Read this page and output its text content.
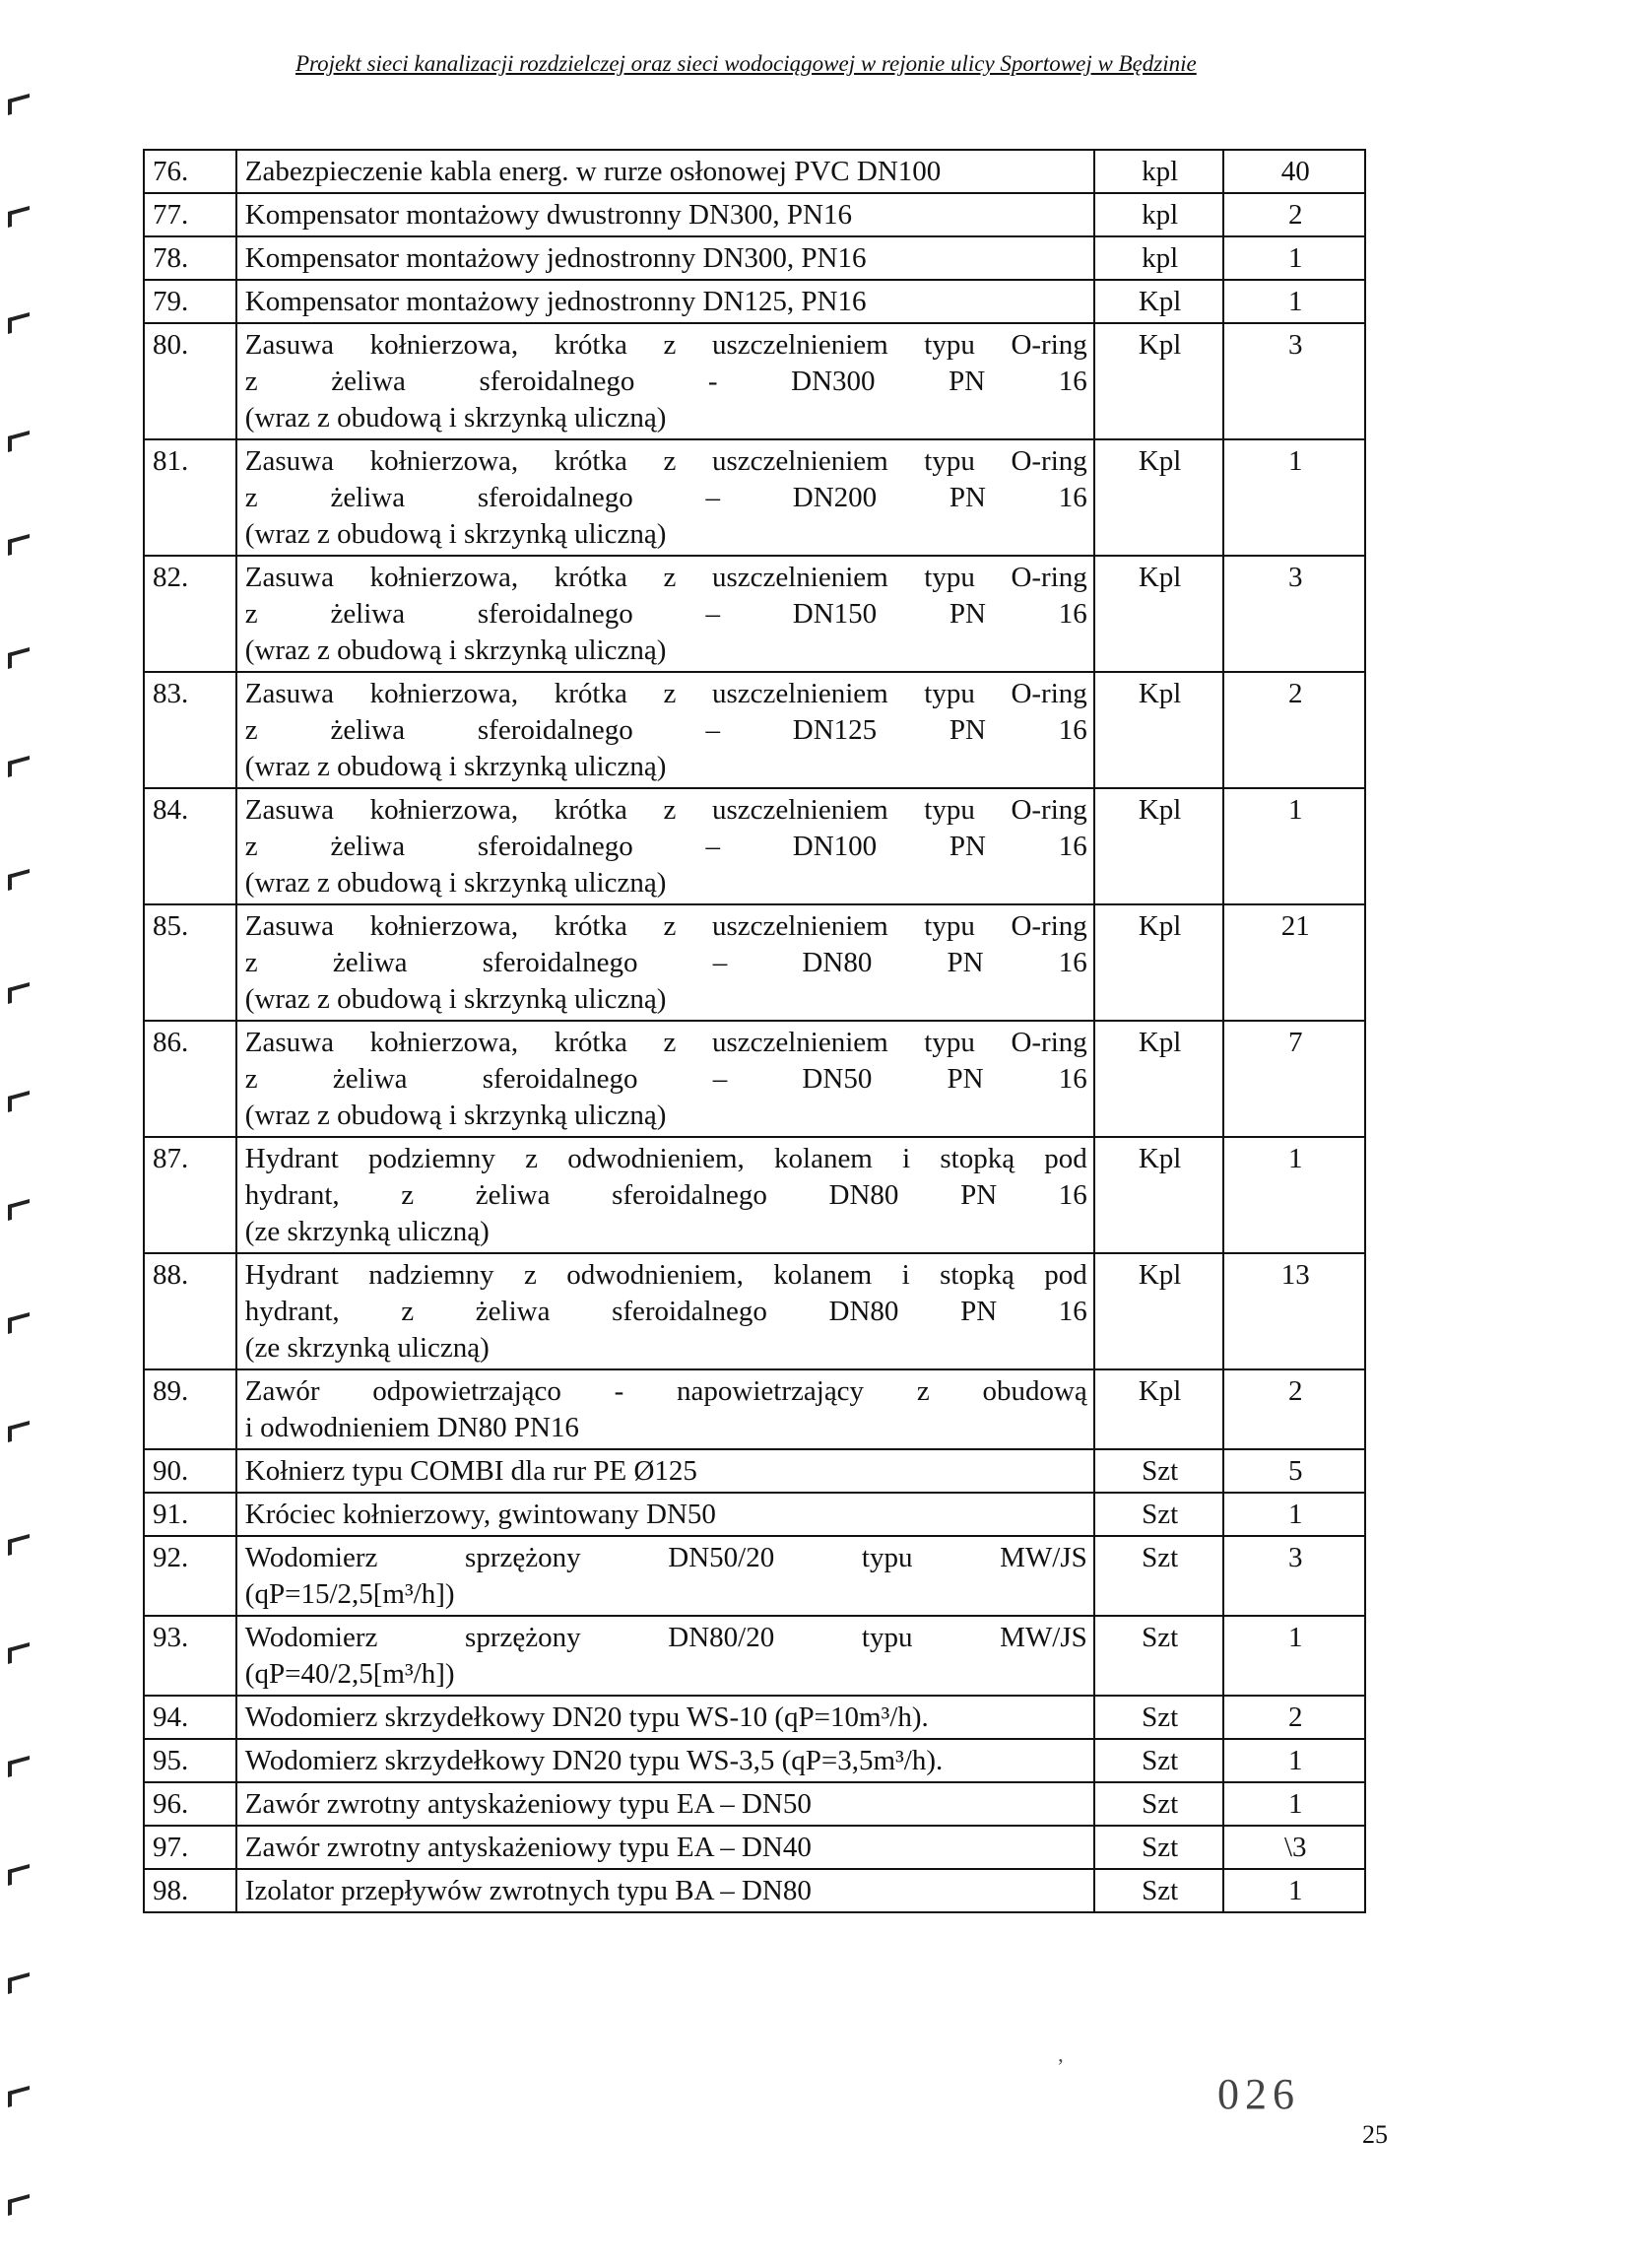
Projekt sieci kanalizacji rozdzielczej oraz sieci wodociągowej w rejonie ulicy Sportowej w Będzinie
76.	Zabezpieczenie kabla energ. w rurze osłonowej PVC DN100	kpl	40
77.	Kompensator montażowy dwustronny DN300, PN16	kpl	2
78.	Kompensator montażowy jednostronny DN300, PN16	kpl	1
79.	Kompensator montażowy jednostronny DN125, PN16	Kpl	1
80.	Zasuwa kołnierzowa, krótka z uszczelnieniem typu O-ring
z żeliwa sferoidalnego - DN300 PN 16
(wraz z obudową i skrzynką uliczną)	Kpl	3
81.	Zasuwa kołnierzowa, krótka z uszczelnieniem typu O-ring
z żeliwa sferoidalnego – DN200 PN 16
(wraz z obudową i skrzynką uliczną)	Kpl	1
82.	Zasuwa kołnierzowa, krótka z uszczelnieniem typu O-ring
z żeliwa sferoidalnego – DN150 PN 16
(wraz z obudową i skrzynką uliczną)	Kpl	3
83.	Zasuwa kołnierzowa, krótka z uszczelnieniem typu O-ring
z żeliwa sferoidalnego – DN125 PN 16
(wraz z obudową i skrzynką uliczną)	Kpl	2
84.	Zasuwa kołnierzowa, krótka z uszczelnieniem typu O-ring
z żeliwa sferoidalnego – DN100 PN 16
(wraz z obudową i skrzynką uliczną)	Kpl	1
85.	Zasuwa kołnierzowa, krótka z uszczelnieniem typu O-ring
z żeliwa sferoidalnego – DN80 PN 16
(wraz z obudową i skrzynką uliczną)	Kpl	21
86.	Zasuwa kołnierzowa, krótka z uszczelnieniem typu O-ring
z żeliwa sferoidalnego – DN50 PN 16
(wraz z obudową i skrzynką uliczną)	Kpl	7
87.	Hydrant podziemny z odwodnieniem, kolanem i stopką pod
hydrant, z żeliwa sferoidalnego DN80 PN 16
(ze skrzynką uliczną)	Kpl	1
88.	Hydrant nadziemny z odwodnieniem, kolanem i stopką pod
hydrant, z żeliwa sferoidalnego DN80 PN 16
(ze skrzynką uliczną)	Kpl	13
89.	Zawór odpowietrzająco - napowietrzający z obudową
i odwodnieniem DN80 PN16	Kpl	2
90.	Kołnierz typu COMBI dla rur PE Ø125	Szt	5
91.	Króciec kołnierzowy, gwintowany DN50	Szt	1
92.	Wodomierz sprzężony DN50/20 typu MW/JS
(qP=15/2,5[m³/h])	Szt	3
93.	Wodomierz sprzężony DN80/20 typu MW/JS
(qP=40/2,5[m³/h])	Szt	1
94.	Wodomierz skrzydełkowy DN20 typu WS-10 (qP=10m³/h).	Szt	2
95.	Wodomierz skrzydełkowy DN20 typu WS-3,5 (qP=3,5m³/h).	Szt	1
96.	Zawór zwrotny antyskażeniowy typu EA – DN50	Szt	1
97.	Zawór zwrotny antyskażeniowy typu EA – DN40	Szt	\3
98.	Izolator przepływów zwrotnych typu BA – DN80	Szt	1
ʼ
026
25
